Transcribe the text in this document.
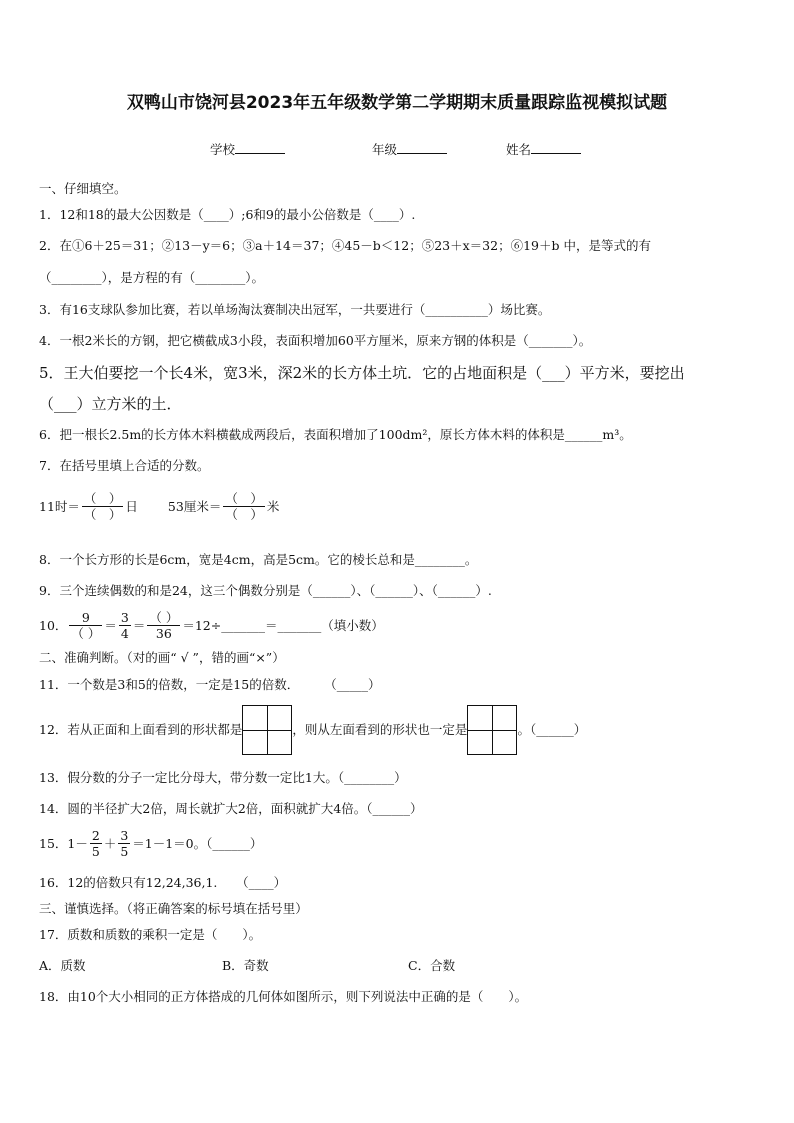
双鸭山市饶河县2023年五年级数学第二学期期末质量跟踪监视模拟试题
学校	年级	姓名
一、仔细填空。
1．12和18的最大公因数是（____）;6和9的最小公倍数是（____）.
2．在①6＋25＝31；②13－y＝6；③a＋14＝37；④45－b＜12；⑤23＋x＝32；⑥19＋b 中，是等式的有
（________），是方程的有（________）。
3．有16支球队参加比赛，若以单场淘汰赛制决出冠军，一共要进行（__________）场比赛。
4．一根2米长的方钢，把它横截成3小段，表面积增加60平方厘米，原来方钢的体积是（_______）。
5．王大伯要挖一个长4米，宽3米，深2米的长方体土坑．它的占地面积是（___）平方米，要挖出
（___）立方米的土．
6．把一根长2.5m的长方体木料横截成两段后，表面积增加了100dm²，原长方体木料的体积是______m³。
7．在括号里填上合适的分数。
11时＝ $\frac{( )}{( )}$ 日 53厘米＝ $\frac{( )}{( )}$ 米
8．一个长方形的长是6cm，宽是4cm，高是5cm。它的棱长总和是________。
9．三个连续偶数的和是24，这三个偶数分别是（______）、（______）、（______）.
10． $\frac{9}{( )} = \frac{3}{4} = \frac{( )}{36}$ ＝12÷_______＝_______（填小数）
二、准确判断。（对的画“ √ ”，错的画“×”）
11．一个数是3和5的倍数，一定是15的倍数．　　　（_____）
12．若从正面和上面看到的形状都是	，则从左面看到的形状也一定是	。（______）
13．假分数的分子一定比分母大，带分数一定比1大。（________）
14．圆的半径扩大2倍，周长就扩大2倍，面积就扩大4倍。（______）
15．$1- \frac{2}{5} + \frac{3}{5} =1-1=0$。（______）
16．12的倍数只有12,24,36,1.　　（____）
三、谨慎选择。（将正确答案的标号填在括号里）
17．质数和质数的乘积一定是（　　）。
A．质数	B．奇数	C．合数
18．由10个大小相同的正方体搭成的几何体如图所示，则下列说法中正确的是（　　）。
